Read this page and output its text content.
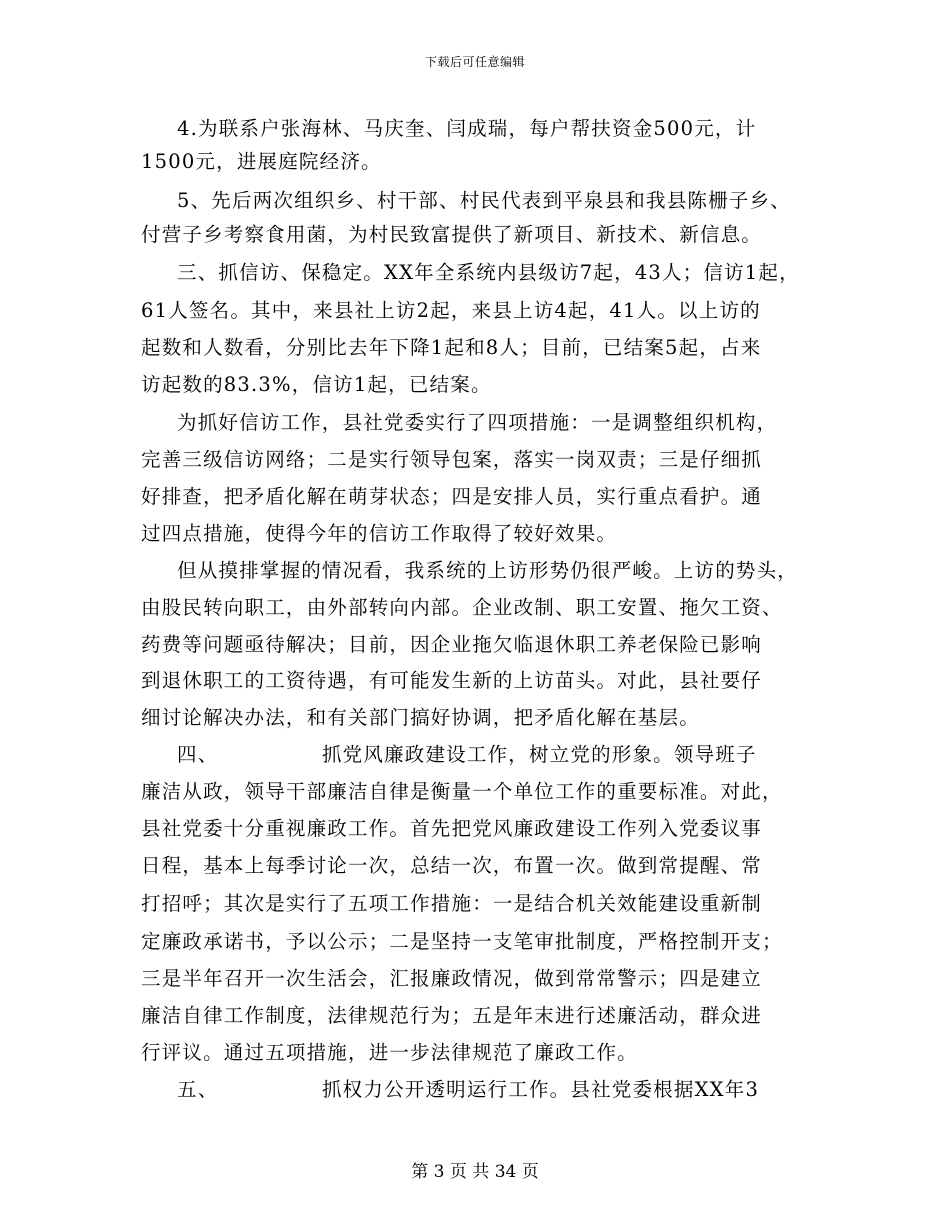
下载后可任意编辑
4.为联系户张海林、马庆奎、闫成瑞，每户帮扶资金500元，计
1500元，进展庭院经济。
5、先后两次组织乡、村干部、村民代表到平泉县和我县陈栅子乡、
付营子乡考察食用菌，为村民致富提供了新项目、新技术、新信息。
三、抓信访、保稳定。XX年全系统内县级访7起，43人；信访1起，
61人签名。其中，来县社上访2起，来县上访4起，41人。以上访的
起数和人数看，分别比去年下降1起和8人；目前，已结案5起，占来
访起数的83.3%，信访1起，已结案。
为抓好信访工作，县社党委实行了四项措施：一是调整组织机构，
完善三级信访网络；二是实行领导包案，落实一岗双责；三是仔细抓
好排查，把矛盾化解在萌芽状态；四是安排人员，实行重点看护。通
过四点措施，使得今年的信访工作取得了较好效果。
但从摸排掌握的情况看，我系统的上访形势仍很严峻。上访的势头，
由股民转向职工，由外部转向内部。企业改制、职工安置、拖欠工资、
药费等问题亟待解决；目前，因企业拖欠临退休职工养老保险已影响
到退休职工的工资待遇，有可能发生新的上访苗头。对此，县社要仔
细讨论解决办法，和有关部门搞好协调，把矛盾化解在基层。
四、              抓党风廉政建设工作，树立党的形象。领导班子
廉洁从政，领导干部廉洁自律是衡量一个单位工作的重要标准。对此，
县社党委十分重视廉政工作。首先把党风廉政建设工作列入党委议事
日程，基本上每季讨论一次，总结一次，布置一次。做到常提醒、常
打招呼；其次是实行了五项工作措施：一是结合机关效能建设重新制
定廉政承诺书，予以公示；二是坚持一支笔审批制度，严格控制开支；
三是半年召开一次生活会，汇报廉政情况，做到常常警示；四是建立
廉洁自律工作制度，法律规范行为；五是年末进行述廉活动，群众进
行评议。通过五项措施，进一步法律规范了廉政工作。
五、              抓权力公开透明运行工作。县社党委根据XX年3
第 3 页 共 34 页
